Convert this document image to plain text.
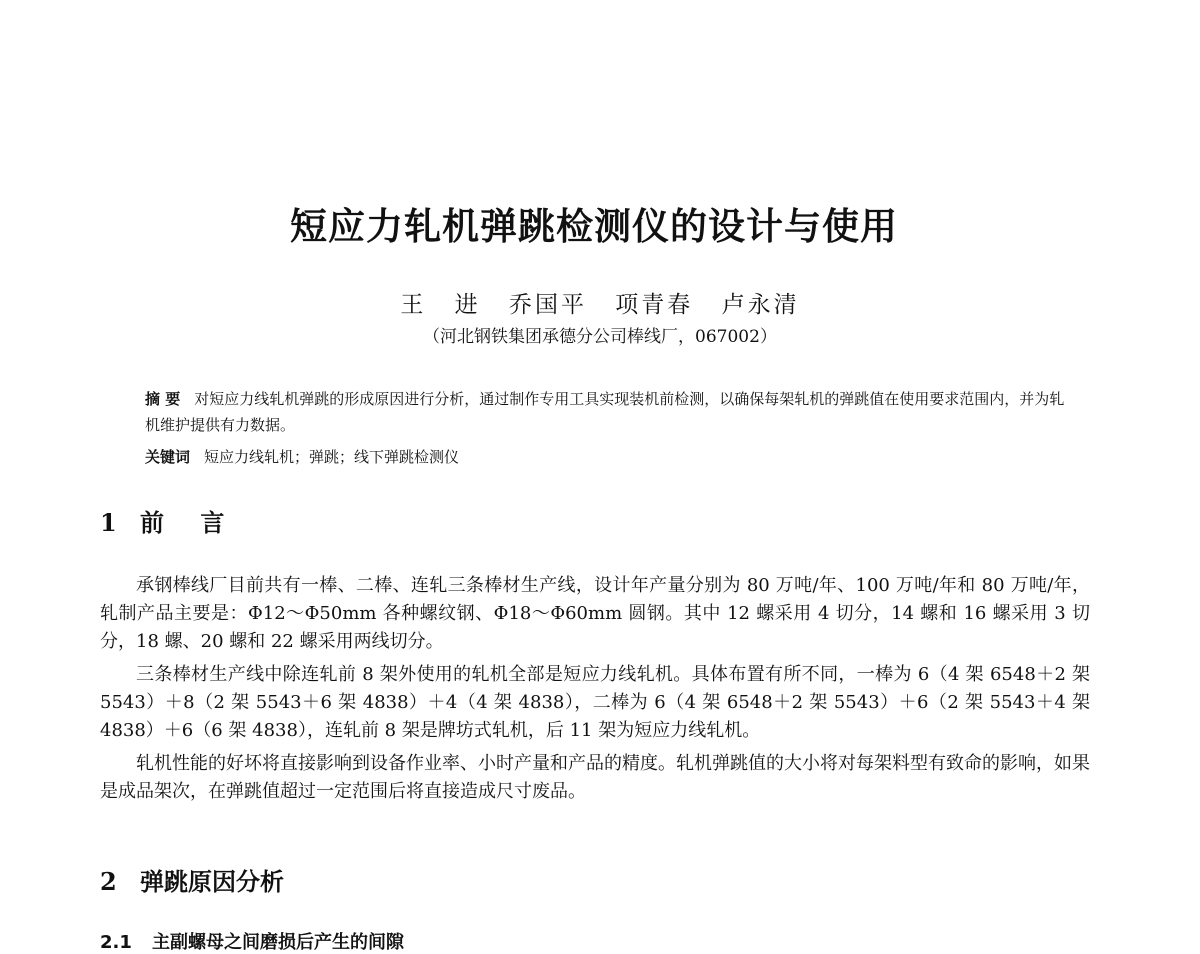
短应力轧机弹跳检测仪的设计与使用
王 进 乔国平 项青春 卢永清
（河北钢铁集团承德分公司棒线厂，067002）
摘 要 对短应力线轧机弹跳的形成原因进行分析，通过制作专用工具实现装机前检测，以确保每架轧机的弹跳值在使用要求范围内，并为轧机维护提供有力数据。
关键词 短应力线轧机；弹跳；线下弹跳检测仪
1 前 言

承钢棒线厂目前共有一棒、二棒、连轧三条棒材生产线，设计年产量分别为 80 万吨/年、100 万吨/年和 80 万吨/年，轧制产品主要是：Φ12～Φ50mm 各种螺纹钢、Φ18～Φ60mm 圆钢。其中 12 螺采用 4 切分，14 螺和 16 螺采用 3 切分，18 螺、20 螺和 22 螺采用两线切分。

三条棒材生产线中除连轧前 8 架外使用的轧机全部是短应力线轧机。具体布置有所不同，一棒为 6（4 架 6548＋2 架 5543）＋8（2 架 5543＋6 架 4838）＋4（4 架 4838），二棒为 6（4 架 6548＋2 架 5543）＋6（2 架 5543＋4 架 4838）＋6（6 架 4838），连轧前 8 架是牌坊式轧机，后 11 架为短应力线轧机。

轧机性能的好坏将直接影响到设备作业率、小时产量和产品的精度。轧机弹跳值的大小将对每架料型有致命的影响，如果是成品架次，在弹跳值超过一定范围后将直接造成尺寸废品。

2 弹跳原因分析
2.1 主副螺母之间磨损后产生的间隙
